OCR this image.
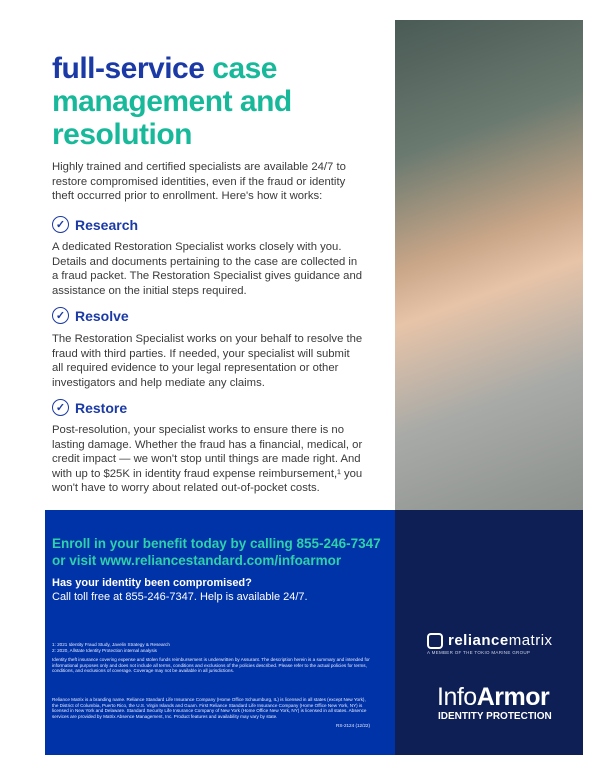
full-service case management and resolution
Highly trained and certified specialists are available 24/7 to restore compromised identities, even if the fraud or identity theft occurred prior to enrollment. Here's how it works:
✓ Research
A dedicated Restoration Specialist works closely with you. Details and documents pertaining to the case are collected in a fraud packet. The Restoration Specialist gives guidance and assistance on the initial steps required.
✓ Resolve
The Restoration Specialist works on your behalf to resolve the fraud with third parties. If needed, your specialist will submit all required evidence to your legal representation or other investigators and help mediate any claims.
✓ Restore
Post-resolution, your specialist works to ensure there is no lasting damage. Whether the fraud has a financial, medical, or credit impact — we won't stop until things are made right. And with up to $25K in identity fraud expense reimbursement,¹ you won't have to worry about related out-of-pocket costs.
Enroll in your benefit today by calling 855-246-7347
or visit www.reliancestandard.com/infoarmor
Has your identity been compromised?
Call toll free at 855-246-7347. Help is available 24/7.
1: 2021 Identity Fraud Study, Javelin Strategy & Research
2: 2020, Allstate Identity Protection internal analysis
Identity theft insurance covering expense and stolen funds reimbursement is underwritten by Assurant. The description herein is a summary and intended for informational purposes only and does not include all terms, conditions and exclusions of the policies described. Please refer to the actual policies for terms, conditions, and exclusions of coverage. Coverage may not be available in all jurisdictions.
Reliance Matrix is a branding name. Reliance Standard Life Insurance Company (Home Office Schaumburg, IL) is licensed in all states (except New York), the District of Columbia, Puerto Rico, the U.S. Virgin Islands and Guam. First Reliance Standard Life Insurance Company (Home Office New York, NY) is licensed in New York and Delaware. Standard Security Life Insurance Company of New York (Home Office New York, NY) is licensed in all states. Absence services are provided by Matrix Absence Management, Inc. Product features and availability may vary by state.
RS-2124 (12/22)
reliancematrix
A MEMBER OF THE TOKIO MARINE GROUP
InfoArmor
IDENTITY PROTECTION
